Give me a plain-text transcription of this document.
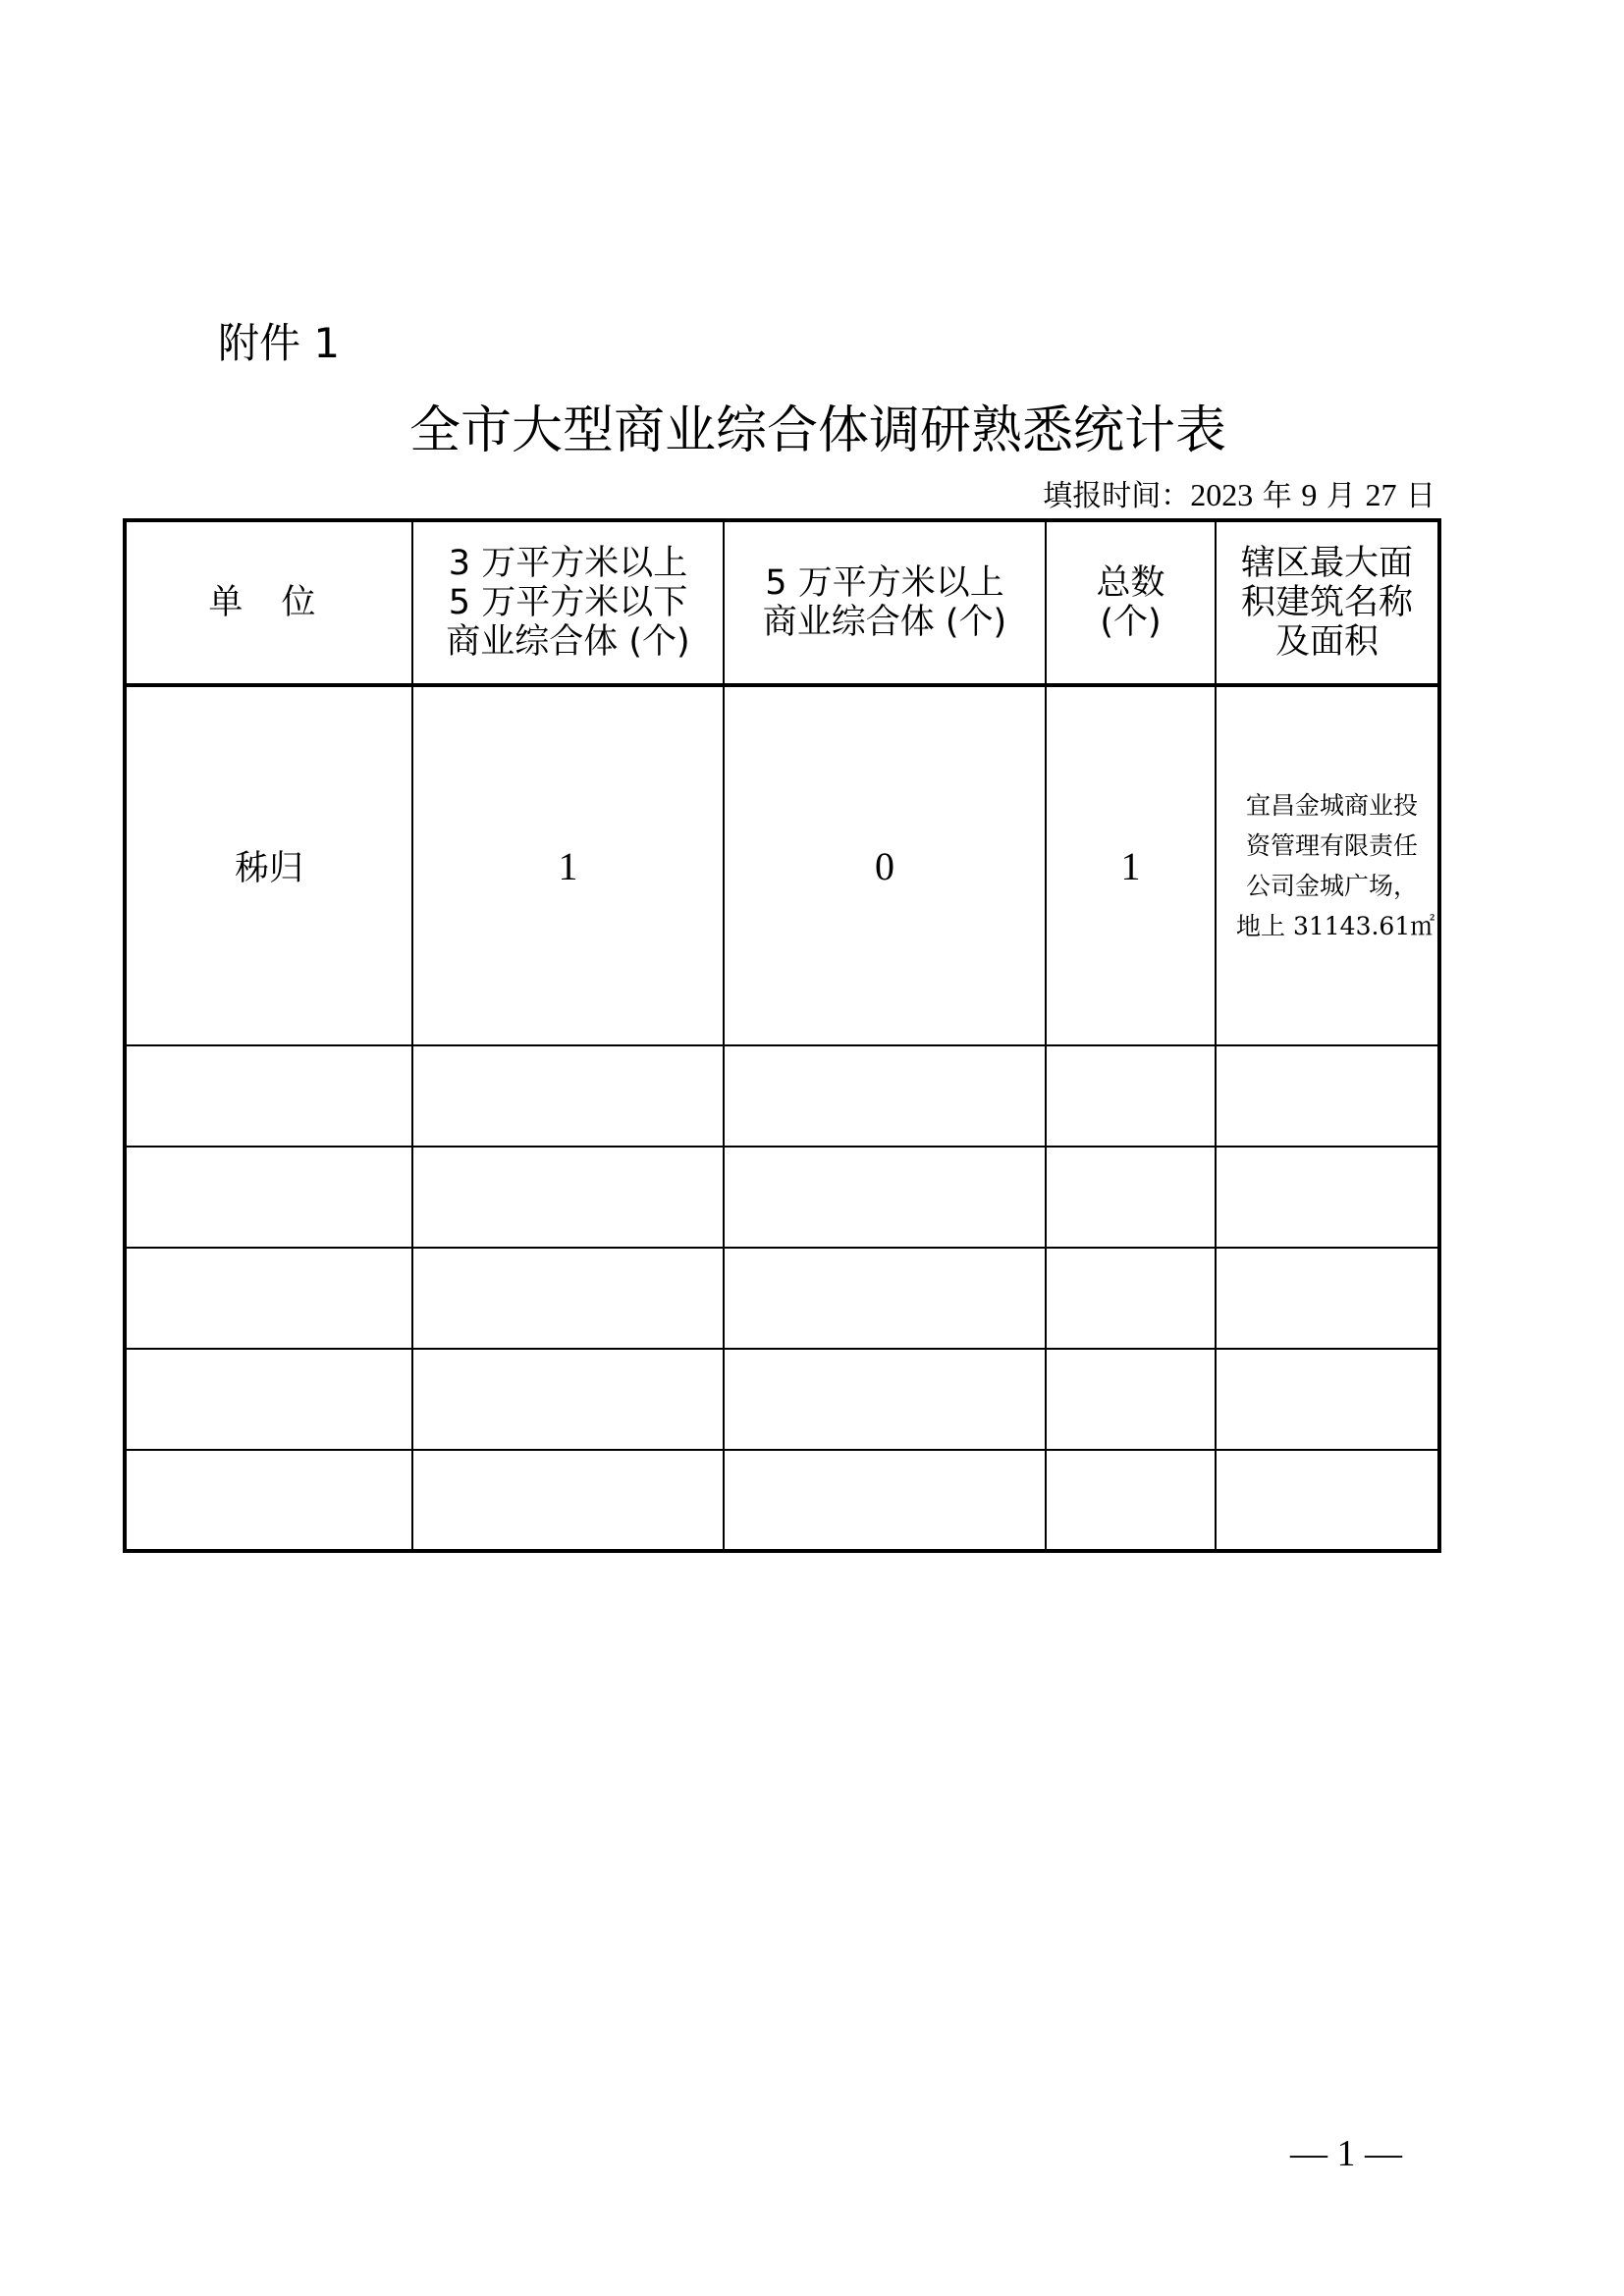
附件 1
全市大型商业综合体调研熟悉统计表
填报时间：2023 年 9 月 27 日
单 位	3 万平方米以上
5 万平方米以下
商业综合体 (个)	5 万平方米以上
商业综合体 (个)	总数
(个)	辖区最大面
积建筑名称
及面积

秭归	1	0	1	宜昌金城商业投
资管理有限责任
公司金城广场，
地上 31143.61㎡

— 1 —
